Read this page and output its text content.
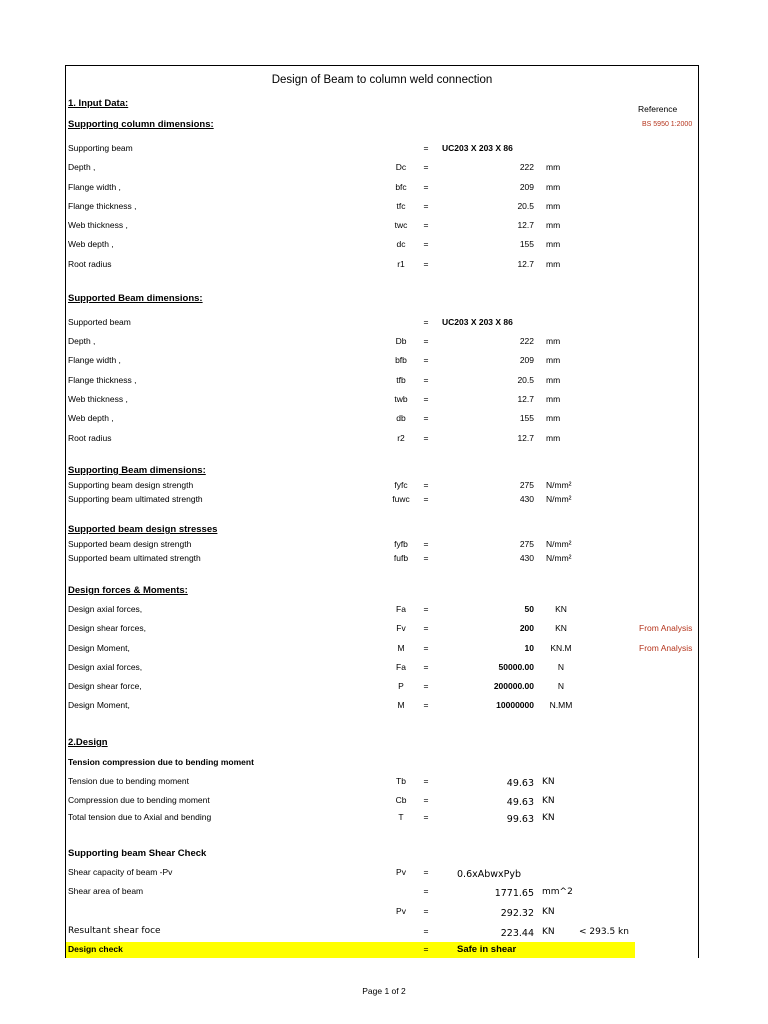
Design of Beam to column weld connection
Reference
BS 5950 1:2000
1. Input Data:
Supporting column dimensions:
Supported Beam dimensions:
Supporting Beam dimensions:
Supported beam design stresses
Design forces & Moments:
2.Design
Tension compression due to bending moment
Supporting beam Shear Check
Design check	=	Safe in shear
Supporting beam	= UC203 X 203 X 86
Depth ,	Dc	=	222 mm
Flange width ,	bfc	=	209 mm
Flange thickness ,	tfc	=	20.5 mm
Web thickness ,	twc	=	12.7 mm
Web depth ,	dc	=	155 mm
Root radius	r1	=	12.7 mm
Supported beam	= UC203 X 203 X 86
Depth ,	Db	=	222 mm
Flange width ,	bfb	=	209 mm
Flange thickness ,	tfb	=	20.5 mm
Web thickness ,	twb	=	12.7 mm
Web depth ,	db	=	155 mm
Root radius	r2	=	12.7 mm
Supporting beam design strength	fyfc	=	275 N/mm²
Supporting beam ultimated strength	fuwc	=	430 N/mm²
Supported beam design strength	fyfb	=	275 N/mm²
Supported beam ultimated strength	fufb	=	430 N/mm²
Design axial forces,	Fa	=	50	KN
Design shear forces,	Fv	=	200	KN	From Analysis
Design Moment,	M	=	10	KN.M	From Analysis
Design axial forces,	Fa	=	50000.00	N
Design shear force,	P	=	200000.00	N
Design Moment,	M	=	10000000	N.MM
Tension due to bending moment	Tb	=	49.63 KN
Compression due to bending moment	Cb	=	49.63 KN
Total tension due to Axial and bending	T	=	99.63 KN
Shear capacity of beam -Pv	Pv	=	0.6xAbwxPyb
Shear area of beam	=	1771.65 mm^2
Pv	=	292.32 KN
Resultant shear foce	=	223.44 KN	< 293.5 kn
Page 1 of 2
